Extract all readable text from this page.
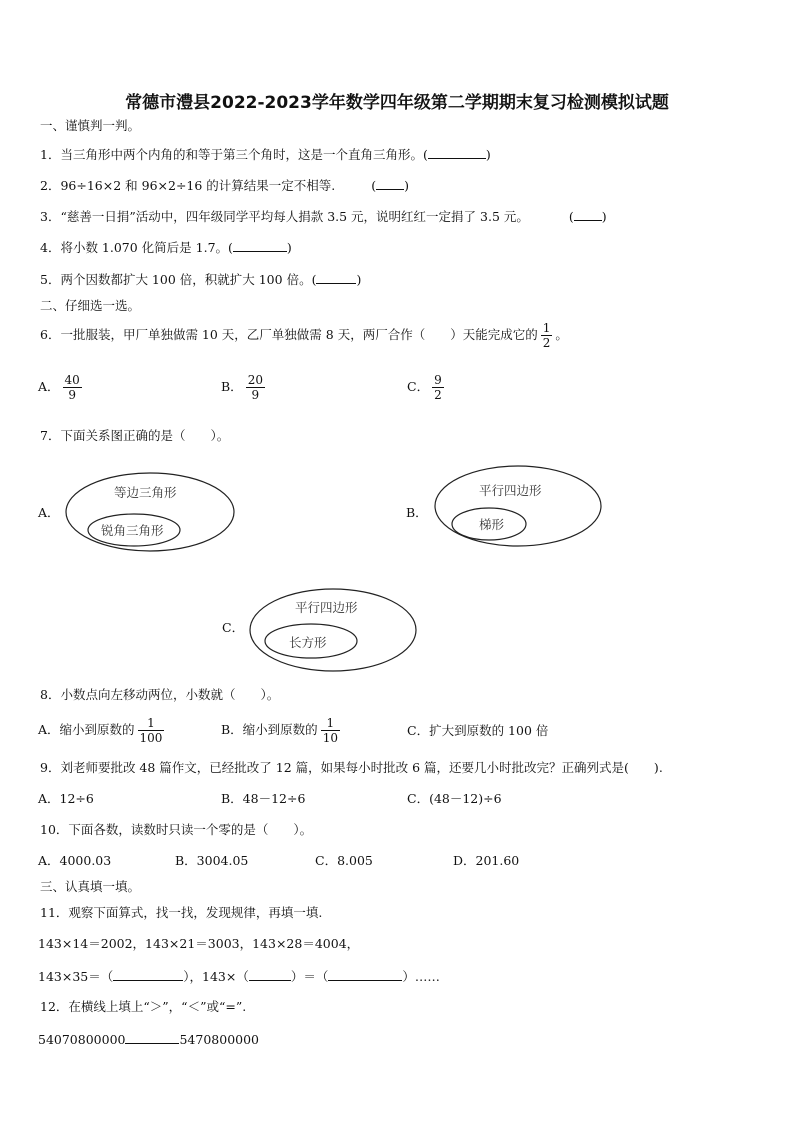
常德市澧县2022-2023学年数学四年级第二学期期末复习检测模拟试题
一、谨慎判一判。
1．当三角形中两个内角的和等于第三个角时，这是一个直角三角形。(	)
2．96÷16×2 和 96×2÷16 的计算结果一定不相等.	( )
3．“慈善一日捐”活动中，四年级同学平均每人捐款 3.5 元，说明红红一定捐了 3.5 元。	( )
4．将小数 1.070 化简后是 1.7。(	)
5．两个因数都扩大 100 倍，积就扩大 100 倍。(	)
二、仔细选一选。
6．一批服装，甲厂单独做需 10 天，乙厂单独做需 8 天，两厂合作（　　）天能完成它的 $\frac{1}{2}$ 。
A． $\frac{40}{9}$	B． $\frac{20}{9}$	C． $\frac{9}{2}$
7．下面关系图正确的是（　　）。
A．
等边三角形
锐角三角形
B．
平行四边形
梯形
C．
平行四边形
长方形
8．小数点向左移动两位，小数就（　　）。
A．缩小到原数的 $\frac{1}{100}$	B．缩小到原数的 $\frac{1}{10}$	C．扩大到原数的 100 倍
9．刘老师要批改 48 篇作文，已经批改了 12 篇，如果每小时批改 6 篇，还要几小时批改完？正确列式是(　　).
A．12÷6	B．48－12÷6	C．(48－12)÷6
10．下面各数，读数时只读一个零的是（　　）。
A．4000.03	B．3004.05	C．8.005	D．201.60
三、认真填一填。
11．观察下面算式，找一找，发现规律，再填一填.
143×14＝2002，143×21＝3003，143×28＝4004，
143×35＝（	），143×（	）＝（	）……
12．在横线上填上“＞”，“＜”或“=”.
54070800000	5470800000
